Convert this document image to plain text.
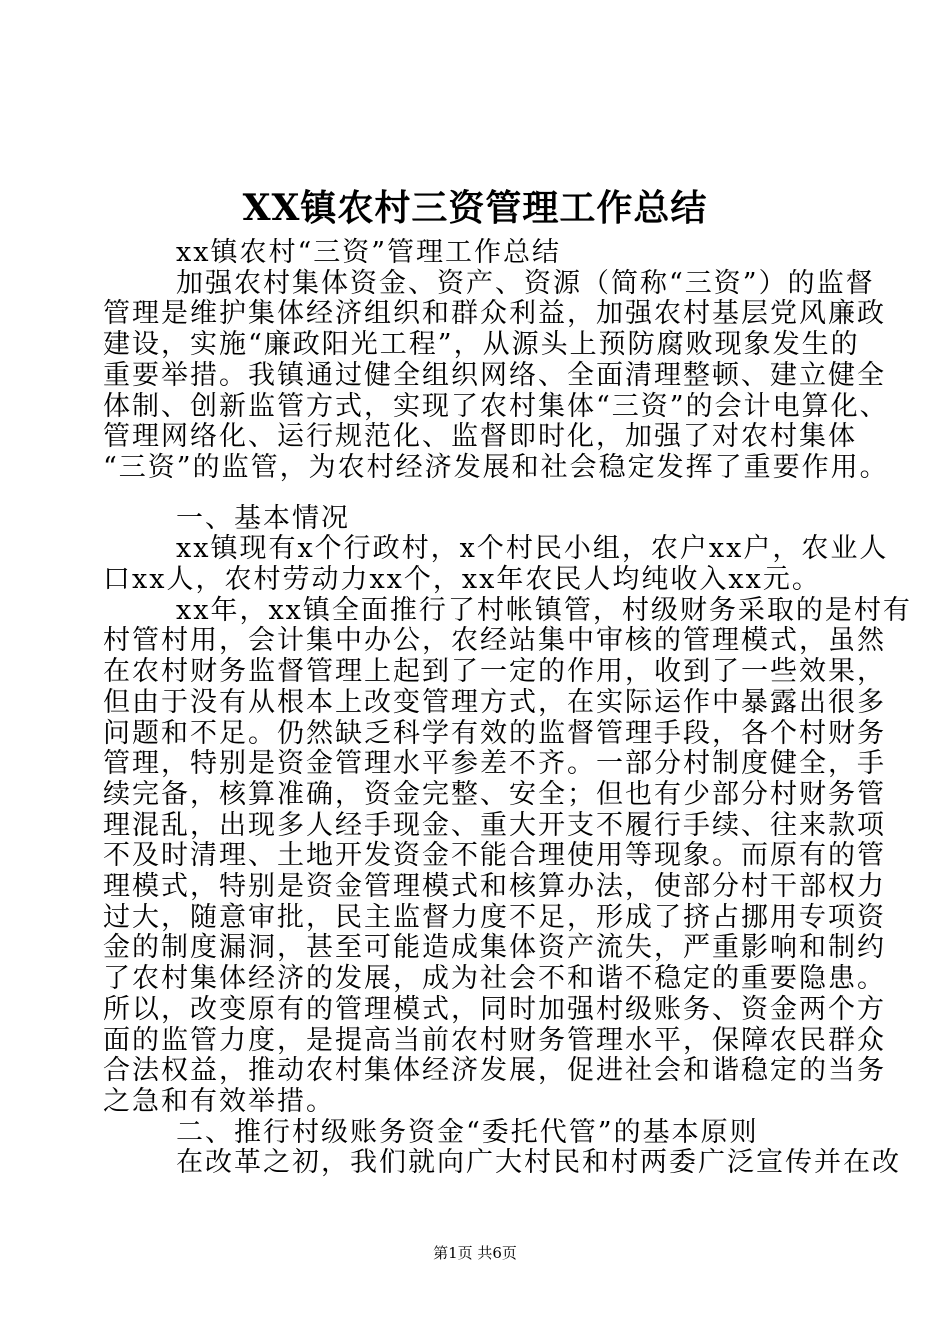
XX镇农村三资管理工作总结
xx镇农村“三资”管理工作总结
加强农村集体资金、资产、资源（简称“三资”）的监督
管理是维护集体经济组织和群众利益，加强农村基层党风廉政
建设，实施“廉政阳光工程”，从源头上预防腐败现象发生的
重要举措。我镇通过健全组织网络、全面清理整顿、建立健全
体制、创新监管方式，实现了农村集体“三资”的会计电算化、
管理网络化、运行规范化、监督即时化，加强了对农村集体
“三资”的监管，为农村经济发展和社会稳定发挥了重要作用。
一、基本情况
xx镇现有x个行政村，x个村民小组，农户xx户，农业人
口xx人，农村劳动力xx个，xx年农民人均纯收入xx元。
xx年，xx镇全面推行了村帐镇管，村级财务采取的是村有
村管村用，会计集中办公，农经站集中审核的管理模式，虽然
在农村财务监督管理上起到了一定的作用，收到了一些效果，
但由于没有从根本上改变管理方式，在实际运作中暴露出很多
问题和不足。仍然缺乏科学有效的监督管理手段，各个村财务
管理，特别是资金管理水平参差不齐。一部分村制度健全，手
续完备，核算准确，资金完整、安全；但也有少部分村财务管
理混乱，出现多人经手现金、重大开支不履行手续、往来款项
不及时清理、土地开发资金不能合理使用等现象。而原有的管
理模式，特别是资金管理模式和核算办法，使部分村干部权力
过大，随意审批，民主监督力度不足，形成了挤占挪用专项资
金的制度漏洞，甚至可能造成集体资产流失，严重影响和制约
了农村集体经济的发展，成为社会不和谐不稳定的重要隐患。
所以，改变原有的管理模式，同时加强村级账务、资金两个方
面的监管力度，是提高当前农村财务管理水平，保障农民群众
合法权益，推动农村集体经济发展，促进社会和谐稳定的当务
之急和有效举措。
二、推行村级账务资金“委托代管”的基本原则
在改革之初，我们就向广大村民和村两委广泛宣传并在改
第1页 共6页
